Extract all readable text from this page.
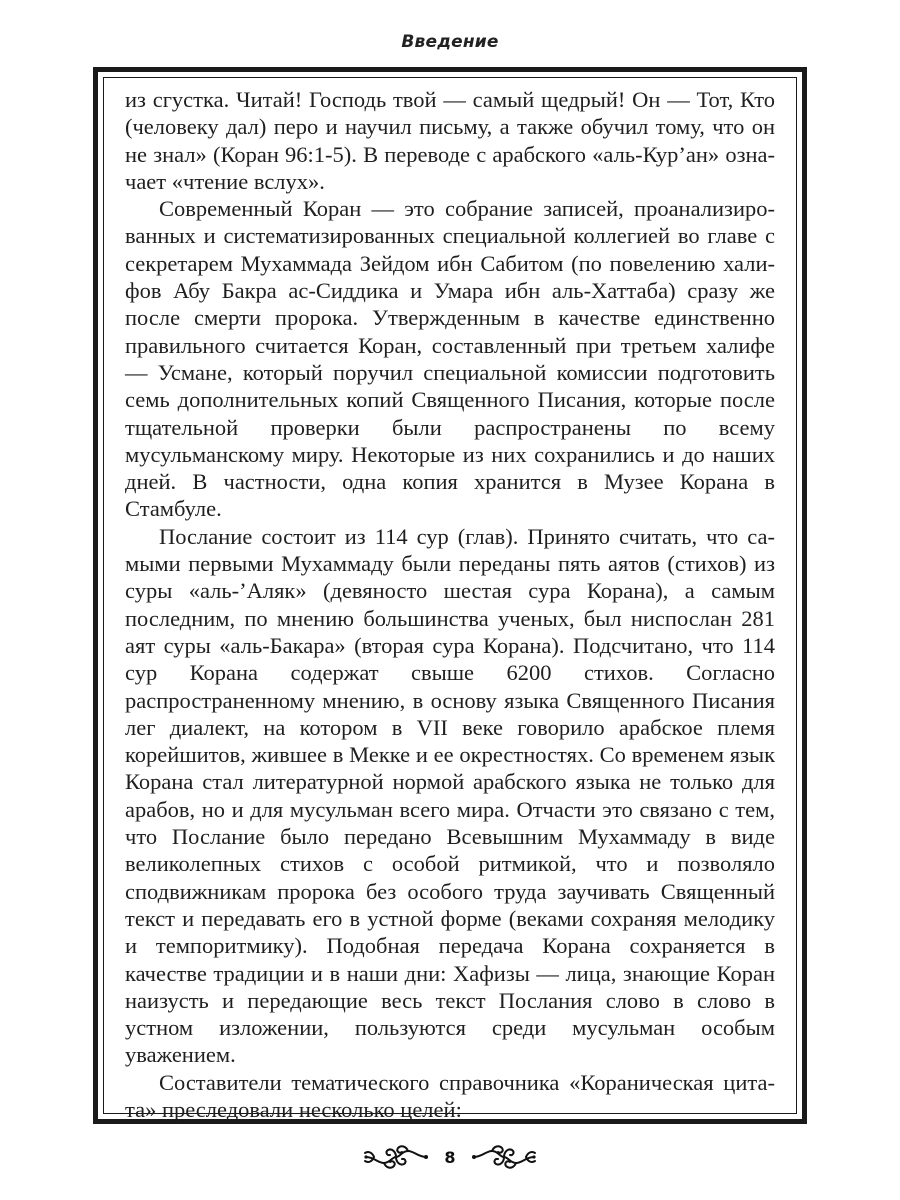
Введение

из сгустка. Читай! Господь твой — самый щедрый! Он — Тот, Кто (человеку дал) перо и научил письму, а также обучил тому, что он не знал» (Коран 96:1-5). В переводе с арабского «аль-Кур’ан» означает «чтение вслух».

Современный Коран — это собрание записей, проанализированных и систематизированных специальной коллегией во главе с секретарем Мухаммада Зейдом ибн Сабитом (по повелению халифов Абу Бакра ас-Сиддика и Умара ибн аль-Хаттаба) сразу же после смерти пророка. Утвержденным в качестве единственно правильного считается Коран, составленный при третьем халифе — Усмане, который поручил специальной комиссии подготовить семь дополнительных копий Священного Писания, которые после тщательной проверки были распространены по всему мусульманскому миру. Некоторые из них сохранились и до наших дней. В частности, одна копия хранится в Музее Корана в Стамбуле.

Послание состоит из 114 сур (глав). Принято считать, что самыми первыми Мухаммаду были переданы пять аятов (стихов) из суры «аль-’Аляк» (девяносто шестая сура Корана), а самым последним, по мнению большинства ученых, был ниспослан 281 аят суры «аль-Бакара» (вторая сура Корана). Подсчитано, что 114 сур Корана содержат свыше 6200 стихов. Согласно распространенному мнению, в основу языка Священного Писания лег диалект, на котором в VII веке говорило арабское племя корейшитов, жившее в Мекке и ее окрестностях. Со временем язык Корана стал литературной нормой арабского языка не только для арабов, но и для мусульман всего мира. Отчасти это связано с тем, что Послание было передано Всевышним Мухаммаду в виде великолепных стихов с особой ритмикой, что и позволяло сподвижникам пророка без особого труда заучивать Священный текст и передавать его в устной форме (веками сохраняя мелодику и темпоритмику). Подобная передача Корана сохраняется в качестве традиции и в наши дни: Хафизы — лица, знающие Коран наизусть и передающие весь текст Послания слово в слово в устном изложении, пользуются среди мусульман особым уважением.

Составители тематического справочника «Кораническая цитата» преследовали несколько целей:

8
